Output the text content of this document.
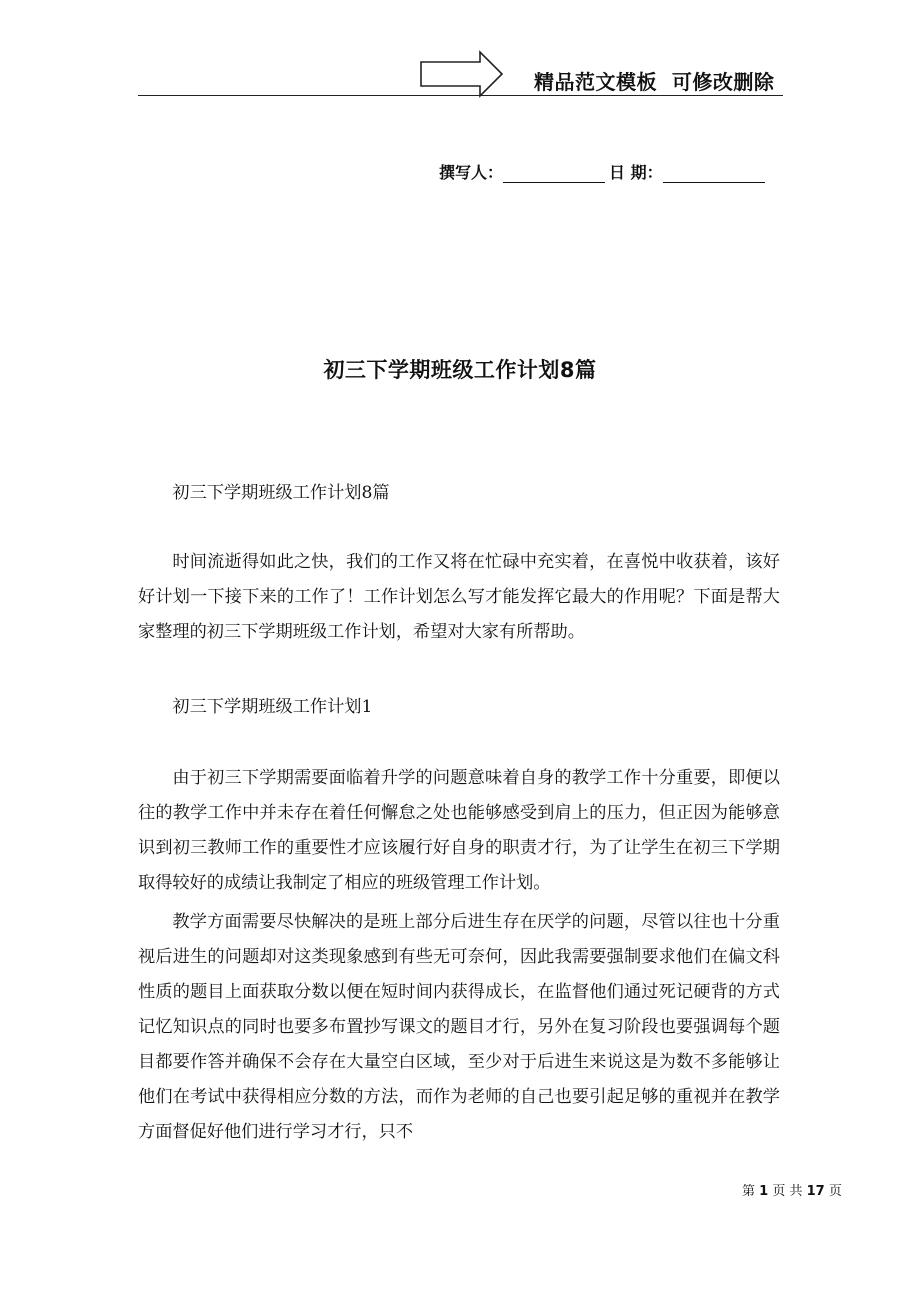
精品范文模板  可修改删除
撰写人：	日 期：
初三下学期班级工作计划8篇

初三下学期班级工作计划8篇

时间流逝得如此之快，我们的工作又将在忙碌中充实着，在喜悦中收获着，该好好计划一下接下来的工作了！工作计划怎么写才能发挥它最大的作用呢？下面是帮大家整理的初三下学期班级工作计划，希望对大家有所帮助。

初三下学期班级工作计划1

由于初三下学期需要面临着升学的问题意味着自身的教学工作十分重要，即便以往的教学工作中并未存在着任何懈怠之处也能够感受到肩上的压力，但正因为能够意识到初三教师工作的重要性才应该履行好自身的职责才行，为了让学生在初三下学期取得较好的成绩让我制定了相应的班级管理工作计划。

教学方面需要尽快解决的是班上部分后进生存在厌学的问题，尽管以往也十分重视后进生的问题却对这类现象感到有些无可奈何，因此我需要强制要求他们在偏文科性质的题目上面获取分数以便在短时间内获得成长，在监督他们通过死记硬背的方式记忆知识点的同时也要多布置抄写课文的题目才行，另外在复习阶段也要强调每个题目都要作答并确保不会存在大量空白区域，至少对于后进生来说这是为数不多能够让他们在考试中获得相应分数的方法，而作为老师的自己也要引起足够的重视并在教学方面督促好他们进行学习才行，只不

第 1 页 共 17 页
